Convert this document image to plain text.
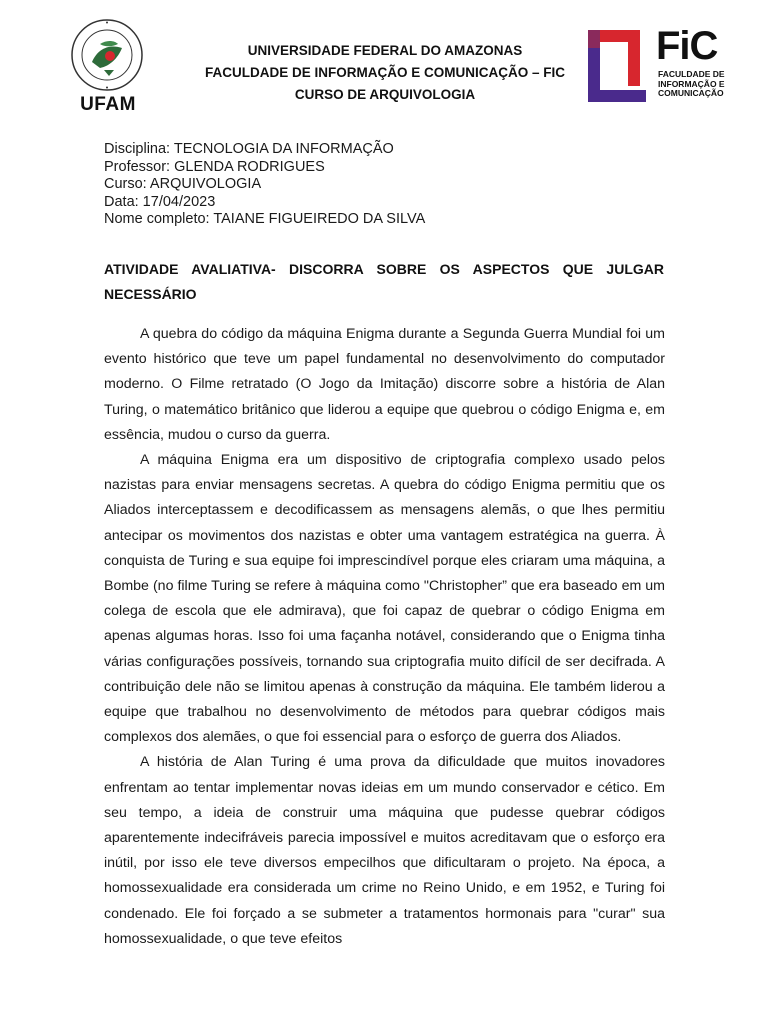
UFAM
UNIVERSIDADE FEDERAL DO AMAZONAS
FACULDADE DE INFORMAÇÃO E COMUNICAÇÃO – FIC
CURSO DE ARQUIVOLOGIA
FiC
FACULDADE DE
INFORMAÇÃO E
COMUNICAÇÃO
Disciplina: TECNOLOGIA DA INFORMAÇÃO
Professor: GLENDA RODRIGUES
Curso: ARQUIVOLOGIA
Data: 17/04/2023
Nome completo: TAIANE FIGUEIREDO DA SILVA
ATIVIDADE AVALIATIVA- DISCORRA SOBRE OS ASPECTOS QUE JULGAR NECESSÁRIO

A quebra do código da máquina Enigma durante a Segunda Guerra Mundial foi um evento histórico que teve um papel fundamental no desenvolvimento do computador moderno. O Filme retratado (O Jogo da Imitação) discorre sobre a história de Alan Turing, o matemático britânico que liderou a equipe que quebrou o código Enigma e, em essência, mudou o curso da guerra.

A máquina Enigma era um dispositivo de criptografia complexo usado pelos nazistas para enviar mensagens secretas. A quebra do código Enigma permitiu que os Aliados interceptassem e decodificassem as mensagens alemãs, o que lhes permitiu antecipar os movimentos dos nazistas e obter uma vantagem estratégica na guerra. À conquista de Turing e sua equipe foi imprescindível porque eles criaram uma máquina, a Bombe (no filme Turing se refere à máquina como "Christopher” que era baseado em um colega de escola que ele admirava), que foi capaz de quebrar o código Enigma em apenas algumas horas. Isso foi uma façanha notável, considerando que o Enigma tinha várias configurações possíveis, tornando sua criptografia muito difícil de ser decifrada. A contribuição dele não se limitou apenas à construção da máquina. Ele também liderou a equipe que trabalhou no desenvolvimento de métodos para quebrar códigos mais complexos dos alemães, o que foi essencial para o esforço de guerra dos Aliados.

A história de Alan Turing é uma prova da dificuldade que muitos inovadores enfrentam ao tentar implementar novas ideias em um mundo conservador e cético. Em seu tempo, a ideia de construir uma máquina que pudesse quebrar códigos aparentemente indecifráveis parecia impossível e muitos acreditavam que o esforço era inútil, por isso ele teve diversos empecilhos que dificultaram o projeto. Na época, a homossexualidade era considerada um crime no Reino Unido, e em 1952, e Turing foi condenado. Ele foi forçado a se submeter a tratamentos hormonais para "curar" sua homossexualidade, o que teve efeitos
